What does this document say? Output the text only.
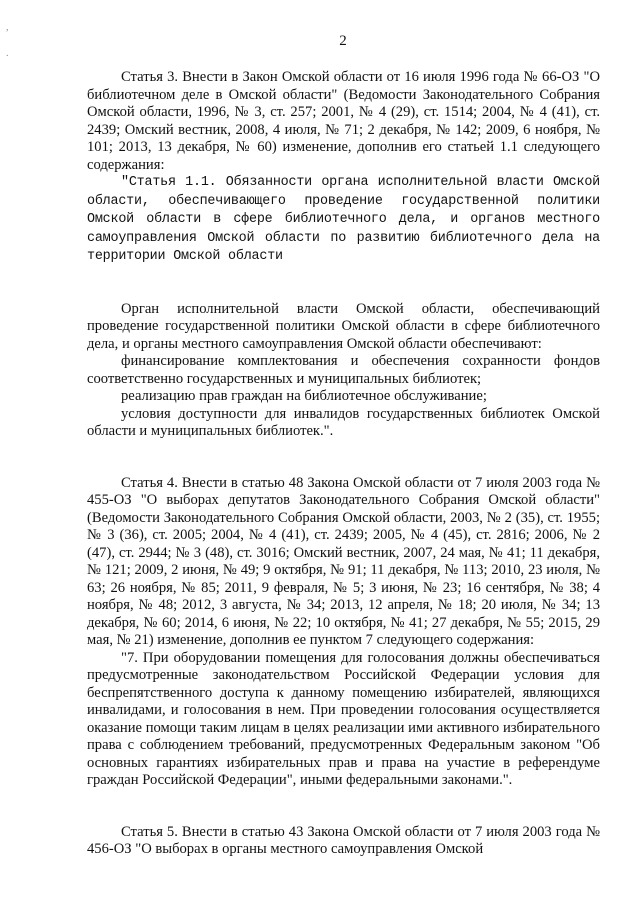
2
,
.

Статья 3. Внести в Закон Омской области от 16 июля 1996 года № 66-ОЗ "О библиотечном деле в Омской области" (Ведомости Законодательного Собрания Омской области, 1996, № 3, ст. 257; 2001, № 4 (29), ст. 1514; 2004, № 4 (41), ст. 2439; Омский вестник, 2008, 4 июля, № 71; 2 декабря, № 142; 2009, 6 ноября, № 101; 2013, 13 декабря, № 60) изменение, дополнив его статьей 1.1 следующего содержания:

"Статья 1.1. Обязанности органа исполнительной власти Омской области, обеспечивающего проведение государственной политики Омской области в сфере библиотечного дела, и органов местного самоуправления Омской области по развитию библиотечного дела на территории Омской области

Орган исполнительной власти Омской области, обеспечивающий проведение государственной политики Омской области в сфере библиотечного дела, и органы местного самоуправления Омской области обеспечивают:

финансирование комплектования и обеспечения сохранности фондов соответственно государственных и муниципальных библиотек;

реализацию прав граждан на библиотечное обслуживание;

условия доступности для инвалидов государственных библиотек Омской области и муниципальных библиотек.".

Статья 4. Внести в статью 48 Закона Омской области от 7 июля 2003 года № 455-ОЗ "О выборах депутатов Законодательного Собрания Омской области" (Ведомости Законодательного Собрания Омской области, 2003, № 2 (35), ст. 1955; № 3 (36), ст. 2005; 2004, № 4 (41), ст. 2439; 2005, № 4 (45), ст. 2816; 2006, № 2 (47), ст. 2944; № 3 (48), ст. 3016; Омский вестник, 2007, 24 мая, № 41; 11 декабря, № 121; 2009, 2 июня, № 49; 9 октября, № 91; 11 декабря, № 113; 2010, 23 июля, № 63; 26 ноября, № 85; 2011, 9 февраля, № 5; 3 июня, № 23; 16 сентября, № 38; 4 ноября, № 48; 2012, 3 августа, № 34; 2013, 12 апреля, № 18; 20 июля, № 34; 13 декабря, № 60; 2014, 6 июня, № 22; 10 октября, № 41; 27 декабря, № 55; 2015, 29 мая, № 21) изменение, дополнив ее пунктом 7 следующего содержания:

"7. При оборудовании помещения для голосования должны обеспечиваться предусмотренные законодательством Российской Федерации условия для беспрепятственного доступа к данному помещению избирателей, являющихся инвалидами, и голосования в нем. При проведении голосования осуществляется оказание помощи таким лицам в целях реализации ими активного избирательного права с соблюдением требований, предусмотренных Федеральным законом "Об основных гарантиях избирательных прав и права на участие в референдуме граждан Российской Федерации", иными федеральными законами.".

Статья 5. Внести в статью 43 Закона Омской области от 7 июля 2003 года № 456-ОЗ "О выборах в органы местного самоуправления Омской
